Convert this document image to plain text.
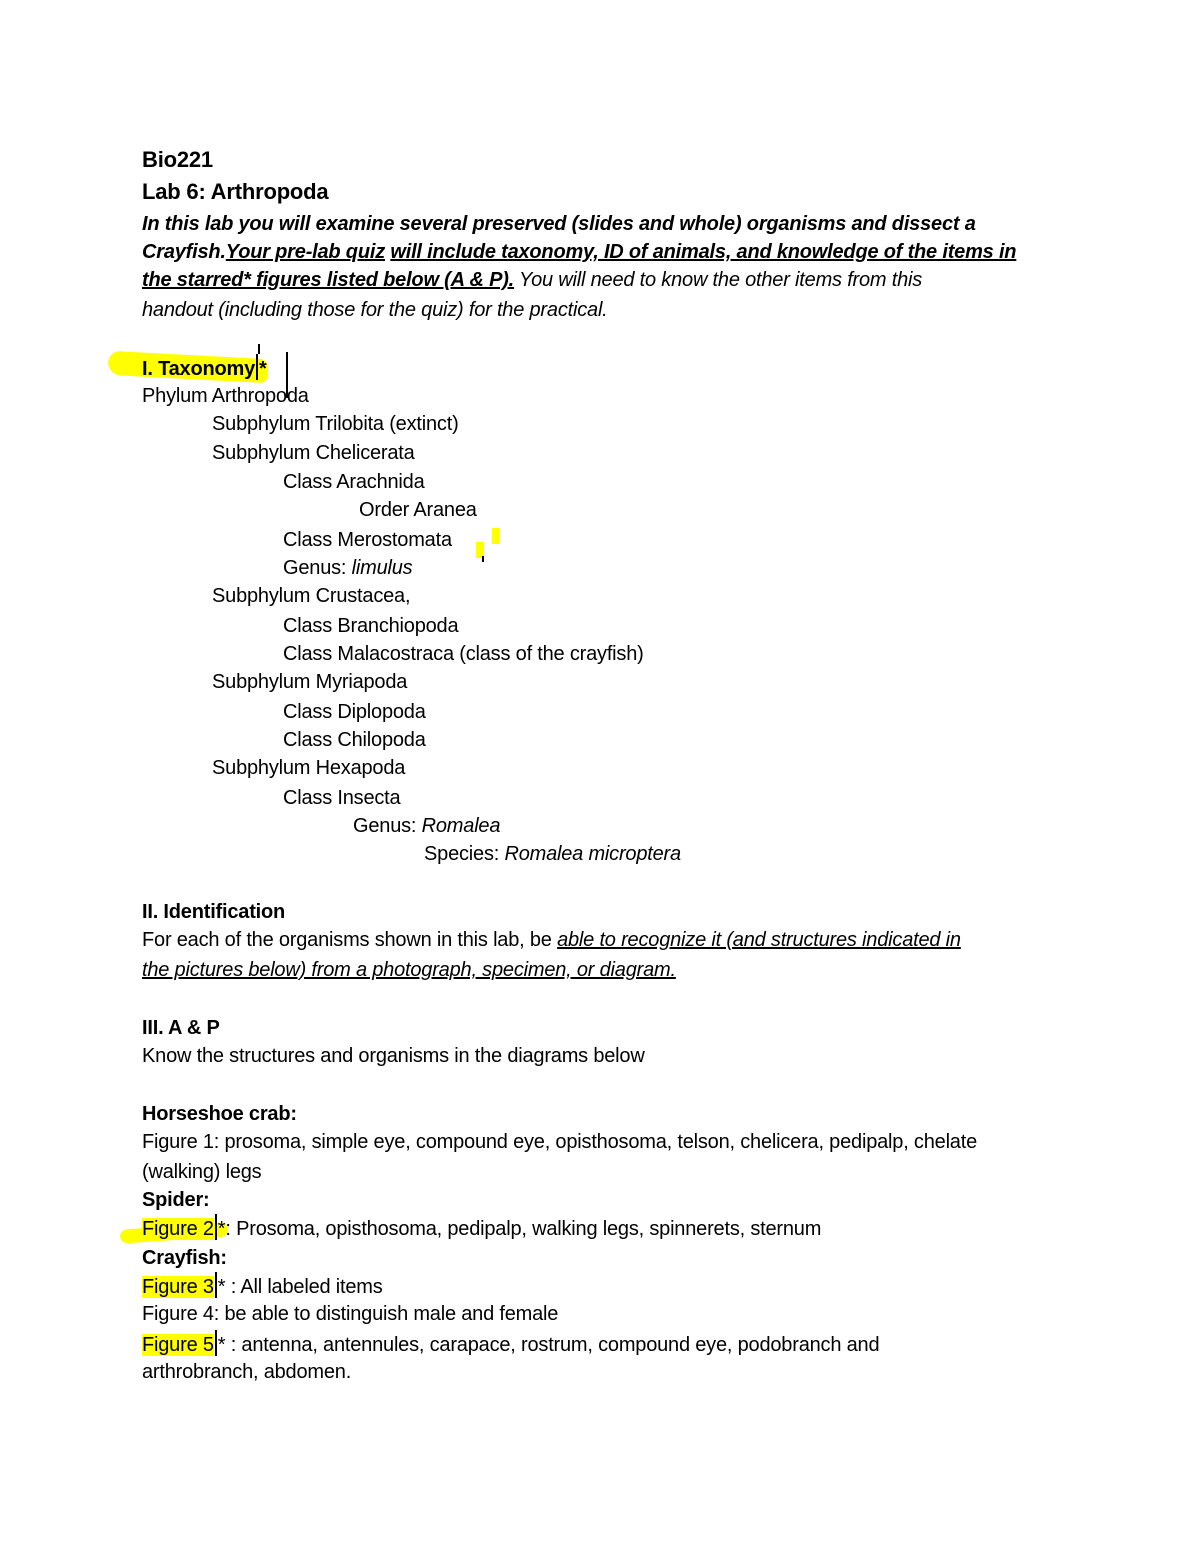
Bio221
Lab 6: Arthropoda
In this lab you will examine several preserved (slides and whole) organisms and dissect a
Crayfish.Your pre-lab quiz will include taxonomy, ID of animals, and knowledge of the items in
the starred* figures listed below (A & P). You will need to know the other items from this
handout (including those for the quiz) for the practical.
I. Taxonomy *
Phylum Arthropoda
Subphylum Trilobita (extinct)
Subphylum Chelicerata
Class Arachnida
Order Aranea
Class Merostomata
Genus: limulus
Subphylum Crustacea,
Class Branchiopoda
Class Malacostraca (class of the crayfish)
Subphylum Myriapoda
Class Diplopoda
Class Chilopoda
Subphylum Hexapoda
Class Insecta
Genus: Romalea
Species: Romalea microptera
II. Identification
For each of the organisms shown in this lab, be able to recognize it (and structures indicated in
the pictures below) from a photograph, specimen, or diagram.
III. A & P
Know the structures and organisms in the diagrams below
Horseshoe crab:
Figure 1: prosoma, simple eye, compound eye, opisthosoma, telson, chelicera, pedipalp, chelate
(walking) legs
Spider:
Figure 2 *: Prosoma, opisthosoma, pedipalp, walking legs, spinnerets, sternum
Crayfish:
Figure 3 * : All labeled items
Figure 4: be able to distinguish male and female
Figure 5 * : antenna, antennules, carapace, rostrum, compound eye, podobranch and
arthrobranch, abdomen.
